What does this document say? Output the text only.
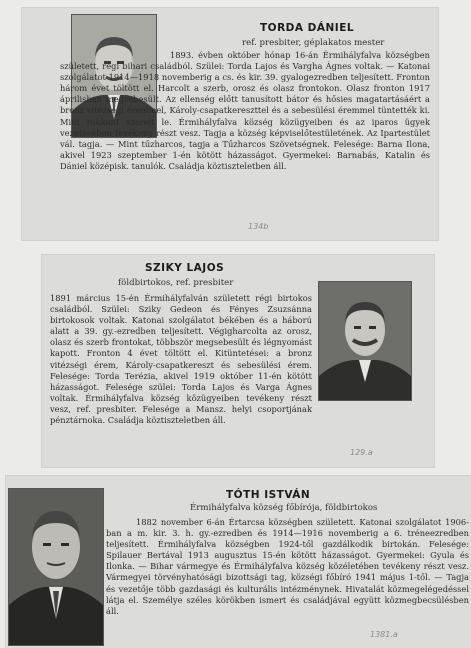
TORDA DÁNIEL
ref. presbiter, géplakatos mester
1893. évben október hónap 16-án Érmihályfalva községben született, régi bihari családból. Szülei: Torda Lajos és Vargha Ágnes voltak. — Katonai szolgálatot 1914—1918 novemberig a cs. és kir. 39. gyalogezredben teljesített. Fronton három évet töltött el. Harcolt a szerb, orosz és olasz frontokon. Olasz fronton 1917 áprilisban megsebesült. Az ellenség előtt tanusított bátor és hősies magatartásáért a bronz vitézségi éremmel, Károly-csapatkereszttel és a sebesülési éremmel tüntették ki. Mint rokkant szerelt le. Érmihályfalva község közügyeiben és az iparos ügyek vezetésében tevékeny részt vesz. Tagja a község képviselőtestületének. Az Ipartestület vál. tagja. — Mint tűzharcos, tagja a Tűzharcos Szövetségnek. Felesége: Barna Ilona, akivel 1923 szeptember 1-én kötött házasságot. Gyermekei: Barnabás, Katalin és Dániel középisk. tanulók. Családja köztiszteletben áll.
134b
SZIKY LAJOS
földbirtokos, ref. presbiter
1891 március 15-én Érmihályfalván született régi birtokos családból. Szülei: Sziky Gedeon és Fényes Zsuzsánna birtokosok voltak. Katonai szolgálatot békében és a háború alatt a 39. gy.-ezredben teljesített. Végigharcolta az orosz, olasz és szerb frontokat, többször megsebesült és légnyomást kapott. Fronton 4 évet töltött el. Kitüntetései: a bronz vitézségi érem, Károly-csapatkereszt és sebesülési érem. Felesége: Torda Terézia, akivel 1919 október 11-én kötött házasságot. Felesége szülei: Torda Lajos és Varga Ágnes voltak. Érmihályfalva község közügyeiben tevékeny részt vesz, ref. presbiter. Felesége a Mansz. helyi csoportjának pénztárnoka. Családja köztiszteletben áll.
129.a
TÓTH ISTVÁN
Érmihályfalva község főbírója, földbirtokos
1882 november 6-án Értarcsa községben született. Katonai szolgálatot 1906-ban a m. kir. 3. h. gy.-ezredben és 1914—1916 novemberig a 6. tréneezredben teljesített. Érmihályfalva községben 1924-től gazdálkodik birtokán. Felesége: Spilauer Bertával 1913 augusztus 15-én kötött házasságot. Gyermekei: Gyula és Ilonka. — Bihar vármegye és Érmihályfalva község közéletében tevékeny részt vesz. Vármegyei törvényhatósági bizottsági tag, községi főbíró 1941 május 1-től. — Tagja és vezetője több gazdasági és kulturális intézménynek. Hivatalát közmegelégedéssel látja el. Személye széles körökben ismert és családjával együtt közmegbecsülésben áll.
1381.a
